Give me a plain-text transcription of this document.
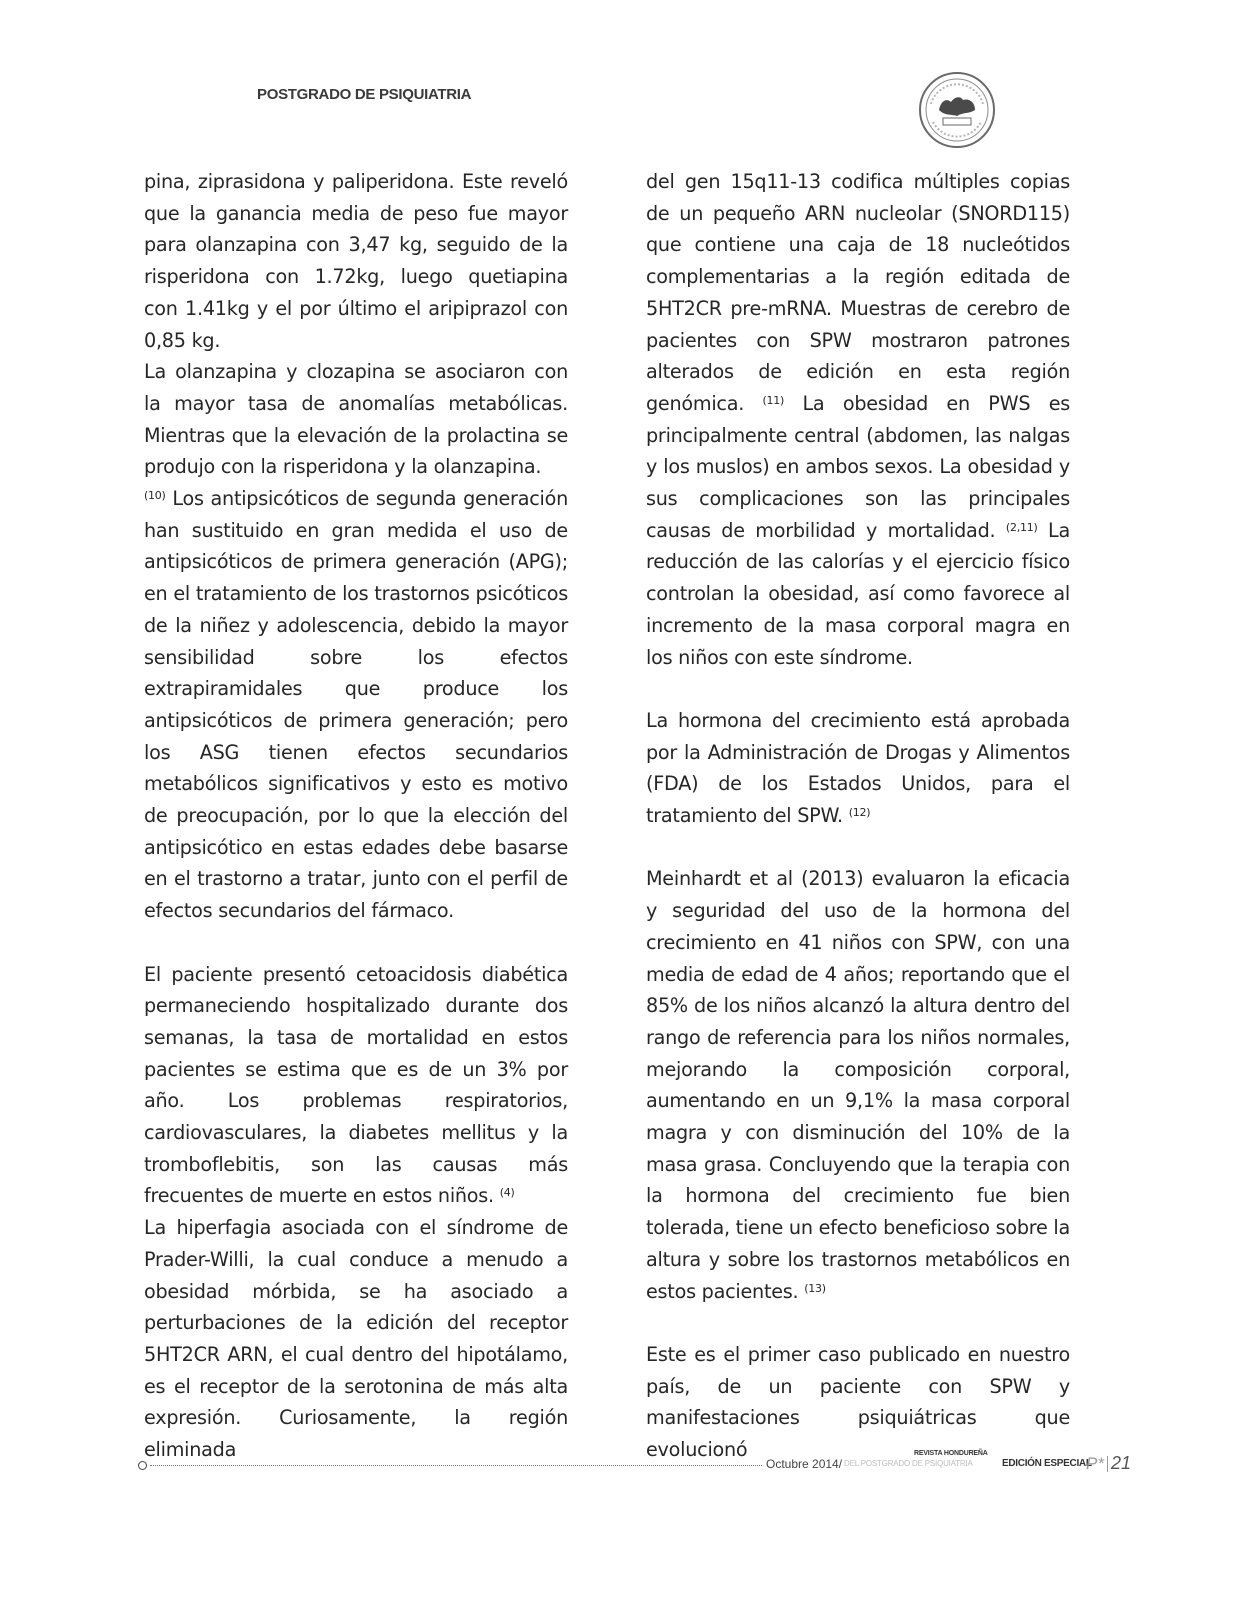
POSTGRADO DE PSIQUIATRIA

pina, ziprasidona y paliperidona. Este reveló que la ganancia media de peso fue mayor para olanzapina con 3,47 kg, seguido de la risperidona con 1.72kg, luego quetiapina con 1.41kg y el por último el aripiprazol con 0,85 kg.

La olanzapina y clozapina se asociaron con la mayor tasa de anomalías metabólicas. Mientras que la elevación de la prolactina se produjo con la risperidona y la olanzapina.
$^{(10)}$ Los antipsicóticos de segunda generación han sustituido en gran medida el uso de antipsicóticos de primera generación (APG); en el tratamiento de los trastornos psicóticos de la niñez y adolescencia, debido la mayor sensibilidad sobre los efectos extrapiramidales que produce los antipsicóticos de primera generación; pero los ASG tienen efectos secundarios metabólicos significativos y esto es motivo de preocupación, por lo que la elección del antipsicótico en estas edades debe basarse en el trastorno a tratar, junto con el perfil de efectos secundarios del fármaco.

El paciente presentó cetoacidosis diabética permaneciendo hospitalizado durante dos semanas, la tasa de mortalidad en estos pacientes se estima que es de un 3% por año. Los problemas respiratorios, cardiovasculares, la diabetes mellitus y la tromboflebitis, son las causas más frecuentes de muerte en estos niños. $^{(4)}$

La hiperfagia asociada con el síndrome de Prader-Willi, la cual conduce a menudo a obesidad mórbida, se ha asociado a perturbaciones de la edición del receptor 5HT2CR ARN, el cual dentro del hipotálamo, es el receptor de la serotonina de más alta expresión. Curiosamente, la región eliminada

del gen 15q11-13 codifica múltiples copias de un pequeño ARN nucleolar (SNORD115) que contiene una caja de 18 nucleótidos complementarias a la región editada de 5HT2CR pre-mRNA. Muestras de cerebro de pacientes con SPW mostraron patrones alterados de edición en esta región genómica. $^{(11)}$ La obesidad en PWS es principalmente central (abdomen, las nalgas y los muslos) en ambos sexos. La obesidad y sus complicaciones son las principales causas de morbilidad y mortalidad. $^{(2,11)}$ La reducción de las calorías y el ejercicio físico controlan la obesidad, así como favorece al incremento de la masa corporal magra en los niños con este síndrome.

La hormona del crecimiento está aprobada por la Administración de Drogas y Alimentos (FDA) de los Estados Unidos, para el tratamiento del SPW. $^{(12)}$

Meinhardt et al (2013) evaluaron la eficacia y seguridad del uso de la hormona del crecimiento en 41 niños con SPW, con una media de edad de 4 años; reportando que el 85% de los niños alcanzó la altura dentro del rango de referencia para los niños normales, mejorando la composición corporal, aumentando en un 9,1% la masa corporal magra y con disminución del 10% de la masa grasa. Concluyendo que la terapia con la hormona del crecimiento fue bien tolerada, tiene un efecto beneficioso sobre la altura y sobre los trastornos metabólicos en estos pacientes. $^{(13)}$

Este es el primer caso publicado en nuestro país, de un paciente con SPW y manifestaciones psiquiátricas que evolucionó

Octubre 2014/
REVISTA HONDUREÑA
DEL POSTGRADO DE PSIQUIATRIA	EDICIÓN ESPECIAL
P* 21
